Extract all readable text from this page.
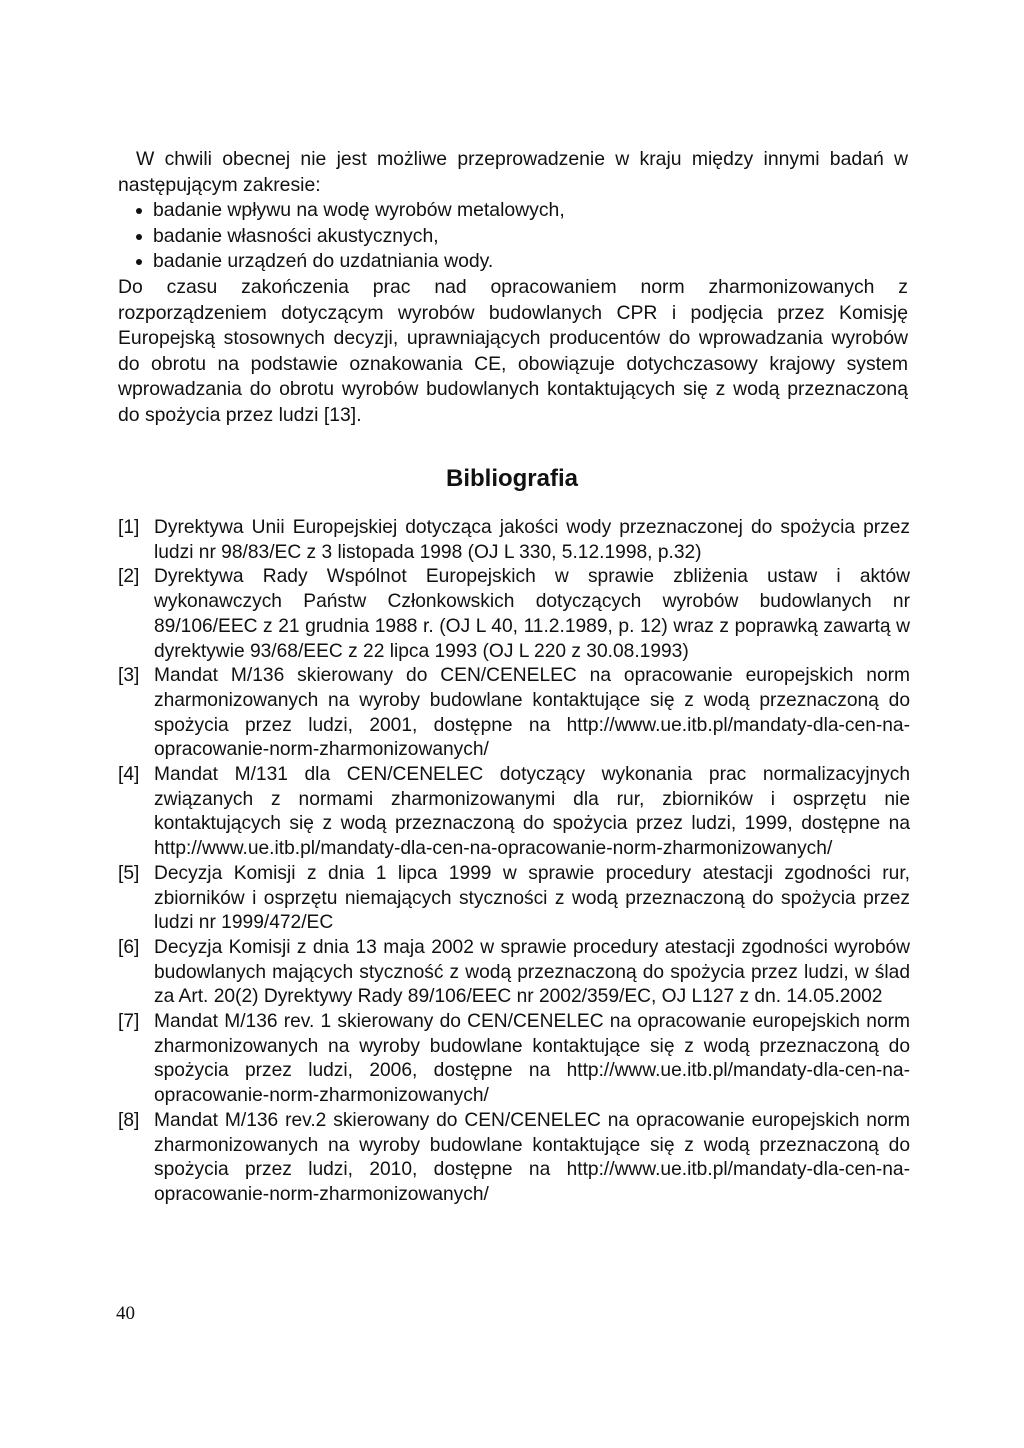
W chwili obecnej nie jest możliwe przeprowadzenie w kraju między innymi badań w następującym zakresie:

badanie wpływu na wodę wyrobów metalowych,
badanie własności akustycznych,
badanie urządzeń do uzdatniania wody.

Do czasu zakończenia prac nad opracowaniem norm zharmonizowanych z rozporządzeniem dotyczącym wyrobów budowlanych CPR i podjęcia przez Komisję Europejską stosownych decyzji, uprawniających producentów do wprowadzania wyrobów do obrotu na podstawie oznakowania CE, obowiązuje dotychczasowy krajowy system wprowadzania do obrotu wyrobów budowlanych kontaktujących się z wodą przeznaczoną do spożycia przez ludzi [13].

Bibliografia
[1] Dyrektywa Unii Europejskiej dotycząca jakości wody przeznaczonej do spożycia przez ludzi nr 98/83/EC z 3 listopada 1998 (OJ L 330, 5.12.1998, p.32)
[2] Dyrektywa Rady Wspólnot Europejskich w sprawie zbliżenia ustaw i aktów wykonawczych Państw Członkowskich dotyczących wyrobów budowlanych nr 89/106/EEC z 21 grudnia 1988 r. (OJ L 40, 11.2.1989, p. 12) wraz z poprawką zawartą w dyrektywie 93/68/EEC z 22 lipca 1993 (OJ L 220 z 30.08.1993)
[3] Mandat M/136 skierowany do CEN/CENELEC na opracowanie europejskich norm zharmonizowanych na wyroby budowlane kontaktujące się z wodą przeznaczoną do spożycia przez ludzi, 2001, dostępne na http://www.ue.itb.pl/mandaty-dla-cen-na-opracowanie-norm-zharmonizowanych/
[4] Mandat M/131 dla CEN/CENELEC dotyczący wykonania prac normalizacyjnych związanych z normami zharmonizowanymi dla rur, zbiorników i osprzętu nie kontaktujących się z wodą przeznaczoną do spożycia przez ludzi, 1999, dostępne na http://www.ue.itb.pl/mandaty-dla-cen-na-opracowanie-norm-zharmonizowanych/
[5] Decyzja Komisji z dnia 1 lipca 1999 w sprawie procedury atestacji zgodności rur, zbiorników i osprzętu niemających styczności z wodą przeznaczoną do spożycia przez ludzi nr 1999/472/EC
[6] Decyzja Komisji z dnia 13 maja 2002 w sprawie procedury atestacji zgodności wyrobów budowlanych mających styczność z wodą przeznaczoną do spożycia przez ludzi, w ślad za Art. 20(2) Dyrektywy Rady 89/106/EEC nr 2002/359/EC, OJ L127 z dn. 14.05.2002
[7] Mandat M/136 rev. 1 skierowany do CEN/CENELEC na opracowanie europejskich norm zharmonizowanych na wyroby budowlane kontaktujące się z wodą przeznaczoną do spożycia przez ludzi, 2006, dostępne na http://www.ue.itb.pl/mandaty-dla-cen-na-opracowanie-norm-zharmonizowanych/
[8] Mandat M/136 rev.2 skierowany do CEN/CENELEC na opracowanie europejskich norm zharmonizowanych na wyroby budowlane kontaktujące się z wodą przeznaczoną do spożycia przez ludzi, 2010, dostępne na http://www.ue.itb.pl/mandaty-dla-cen-na-opracowanie-norm-zharmonizowanych/
40
